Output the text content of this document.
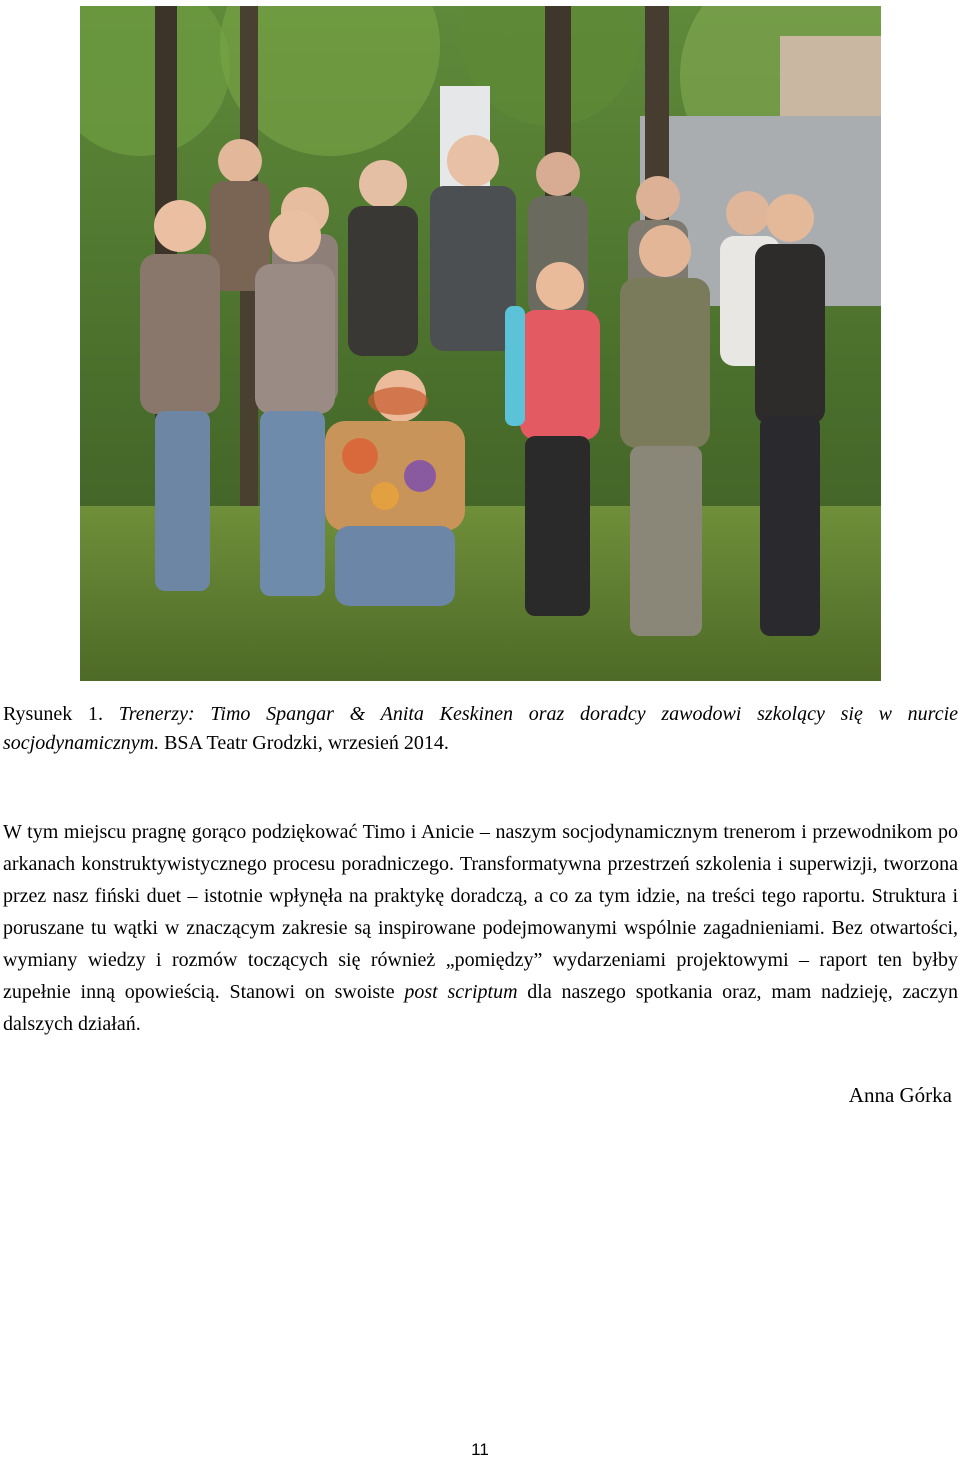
Rysunek 1. Trenerzy: Timo Spangar & Anita Keskinen oraz doradcy zawodowi szkolący się w nurcie socjodynamicznym. BSA Teatr Grodzki, wrzesień 2014.
W tym miejscu pragnę gorąco podziękować Timo i Anicie – naszym socjodynamicznym trenerom i przewodnikom po arkanach konstruktywistycznego procesu poradniczego. Transformatywna przestrzeń szkolenia i superwizji, tworzona przez nasz fiński duet – istotnie wpłynęła na praktykę doradczą, a co za tym idzie, na treści tego raportu. Struktura i poruszane tu wątki w znaczącym zakresie są inspirowane podejmowanymi wspólnie zagadnieniami. Bez otwartości, wymiany wiedzy i rozmów toczących się również „pomiędzy” wydarzeniami projektowymi – raport ten byłby zupełnie inną opowieścią. Stanowi on swoiste post scriptum dla naszego spotkania oraz, mam nadzieję, zaczyn dalszych działań.
Anna Górka
11
